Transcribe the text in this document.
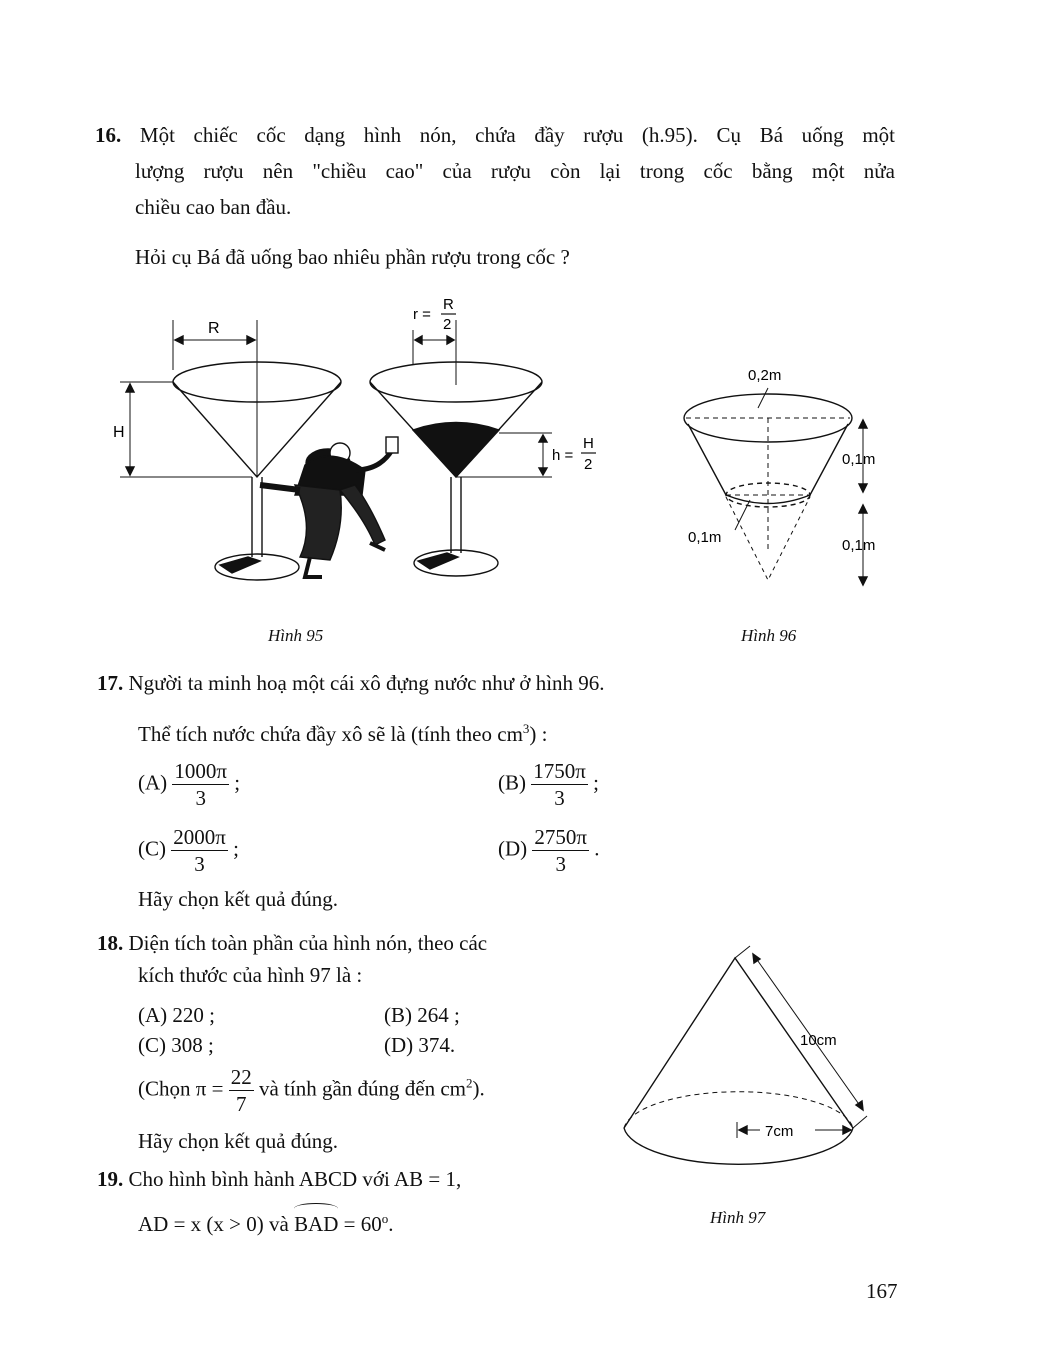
16. Một chiếc cốc dạng hình nón, chứa đầy rượu (h.95). Cụ Bá uống một
lượng rượu nên "chiều cao" của rượu còn lại trong cốc bằng một nửa
chiều cao ban đầu.
Hỏi cụ Bá đã uống bao nhiêu phần rượu trong cốc ?
R
H
r =
R
2
h =
H
2
Hình 95
0,2m
0,1m
0,1m
0,1m
Hình 96
17. Người ta minh hoạ một cái xô đựng nước như ở hình 96.
Thể tích nước chứa đầy xô sẽ là (tính theo $cm^3$) :
$(A) \frac{1000\pi}{3}$ ;	$(B) \frac{1750\pi}{3}$ ;
$(C) \frac{2000\pi}{3}$ ;	$(D) \frac{2750\pi}{3}$ .
Hãy chọn kết quả đúng.
18. Diện tích toàn phần của hình nón, theo các
kích thước của hình 97 là :
(A) 220 ;	(B) 264 ;
(C) 308 ;	(D) 374.
(Chọn $\pi = \frac{22}{7}$ và tính gần đúng đến $cm^2$).
Hãy chọn kết quả đúng.
10cm
7cm
Hình 97
19. Cho hình bình hành ABCD với AB = 1,
AD = x (x > 0) và BAD = $60^o$.
167
